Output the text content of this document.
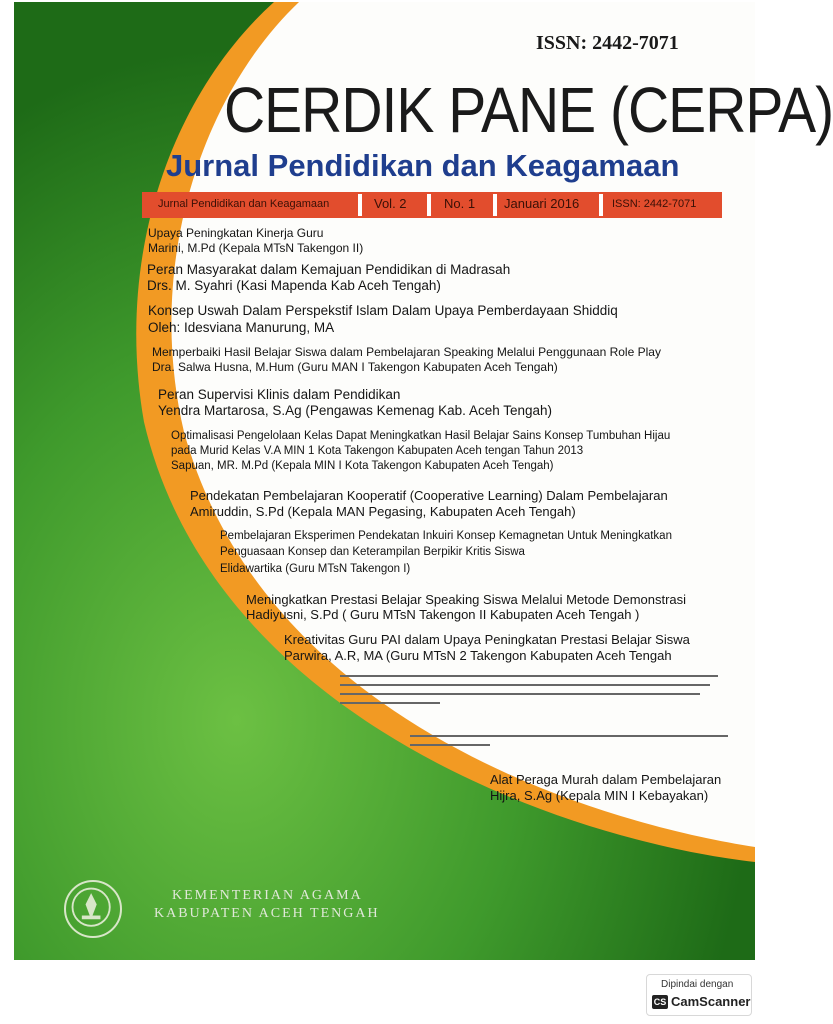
ISSN: 2442-7071
CERDIK PANE (CERPA)
Jurnal Pendidikan dan Keagamaan
Jurnal Pendidikan dan Keagamaan	Vol. 2	No. 1 Januari 2016	ISSN: 2442-7071
Upaya Peningkatan Kinerja Guru
Marini, M.Pd (Kepala MTsN Takengon II)
Peran Masyarakat dalam Kemajuan Pendidikan di Madrasah
Drs. M. Syahri (Kasi Mapenda Kab Aceh Tengah)
Konsep Uswah Dalam Perspekstif Islam Dalam Upaya Pemberdayaan Shiddiq
Oleh: Idesviana Manurung, MA
Memperbaiki Hasil Belajar Siswa dalam Pembelajaran Speaking Melalui Penggunaan Role Play
Dra. Salwa Husna, M.Hum (Guru MAN I Takengon Kabupaten Aceh Tengah)
Peran Supervisi Klinis dalam Pendidikan
Yendra Martarosa, S.Ag (Pengawas Kemenag Kab. Aceh Tengah)
Optimalisasi Pengelolaan Kelas Dapat Meningkatkan Hasil Belajar Sains Konsep Tumbuhan Hijau
pada Murid Kelas V.A MIN 1 Kota Takengon Kabupaten Aceh tengan Tahun 2013
Sapuan, MR. M.Pd (Kepala MIN I Kota Takengon Kabupaten Aceh Tengah)
Pendekatan Pembelajaran Kooperatif (Cooperative Learning) Dalam Pembelajaran
Amiruddin, S.Pd (Kepala MAN Pegasing, Kabupaten Aceh Tengah)
Pembelajaran Eksperimen Pendekatan Inkuiri Konsep Kemagnetan Untuk Meningkatkan
Penguasaan Konsep dan Keterampilan Berpikir Kritis Siswa
Elidawartika (Guru MTsN Takengon I)
Meningkatkan Prestasi Belajar Speaking Siswa Melalui Metode Demonstrasi
Hadiyusni, S.Pd ( Guru MTsN Takengon II Kabupaten Aceh Tengah )
Kreativitas Guru PAI dalam Upaya Peningkatan Prestasi Belajar Siswa
Parwira, A.R, MA (Guru MTsN 2 Takengon Kabupaten Aceh Tengah
Alat Peraga Murah dalam Pembelajaran
Hijra, S.Ag (Kepala MIN I Kebayakan)
KEMENTERIAN AGAMA
KABUPATEN ACEH TENGAH
Dipindai dengan
CS CamScanner
